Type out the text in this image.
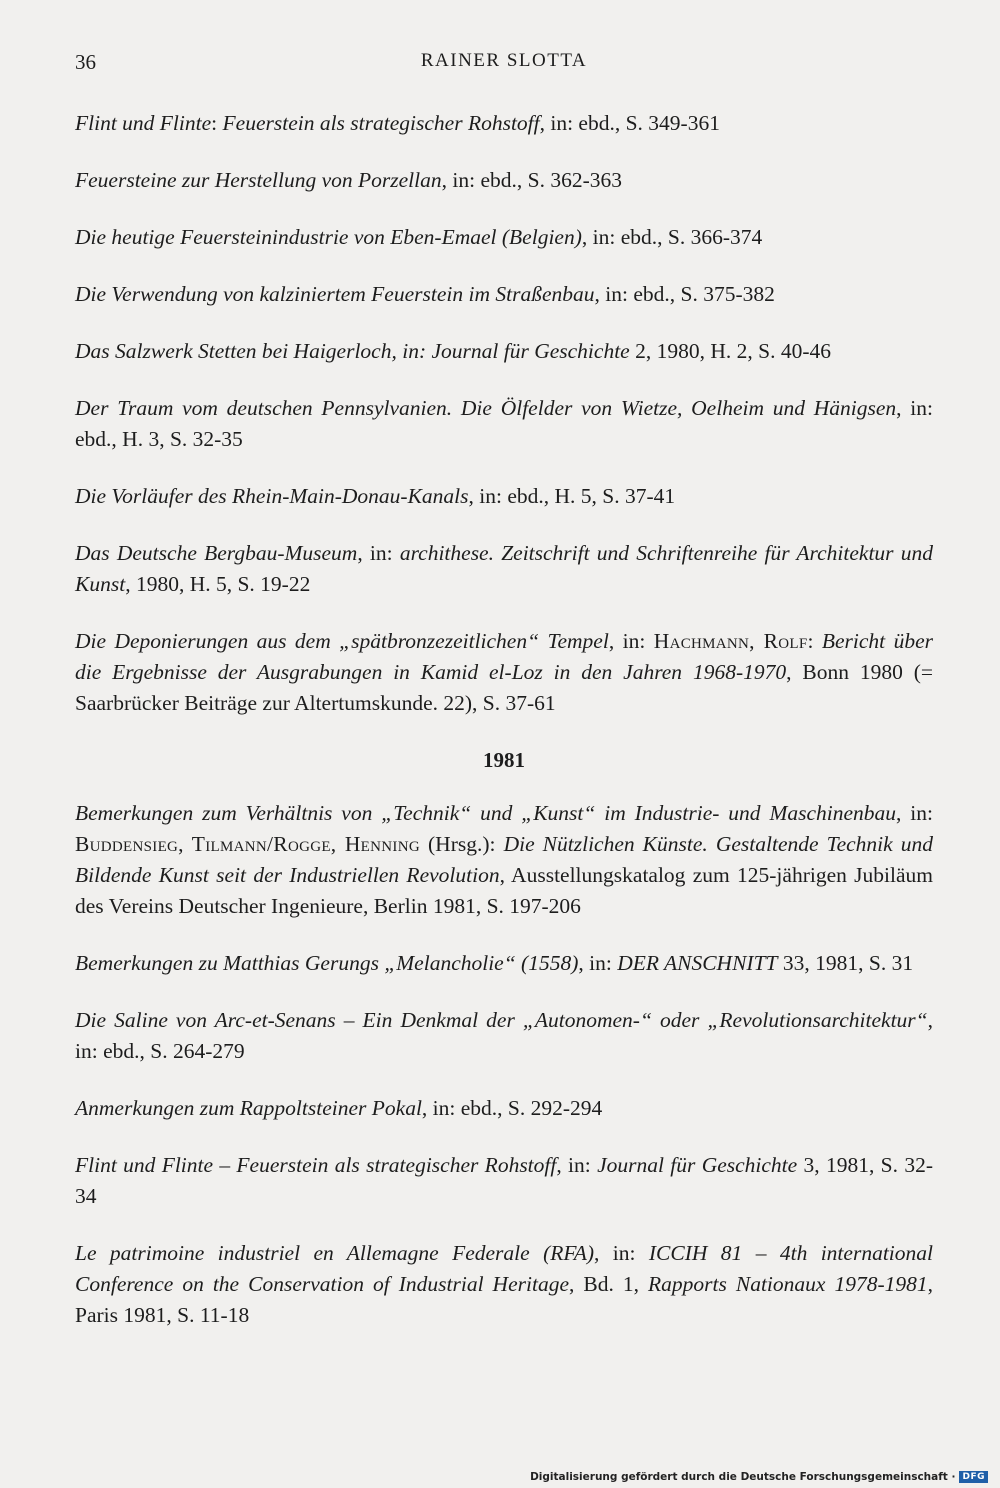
36	RAINER SLOTTA

Flint und Flinte: Feuerstein als strategischer Rohstoff, in: ebd., S. 349-361

Feuersteine zur Herstellung von Porzellan, in: ebd., S. 362-363

Die heutige Feuersteinindustrie von Eben-Emael (Belgien), in: ebd., S. 366-374

Die Verwendung von kalziniertem Feuerstein im Straßenbau, in: ebd., S. 375-382

Das Salzwerk Stetten bei Haigerloch, in: Journal für Geschichte 2, 1980, H. 2, S. 40-46

Der Traum vom deutschen Pennsylvanien. Die Ölfelder von Wietze, Oelheim und Hänigsen, in: ebd., H. 3, S. 32-35

Die Vorläufer des Rhein-Main-Donau-Kanals, in: ebd., H. 5, S. 37-41

Das Deutsche Bergbau-Museum, in: archithese. Zeitschrift und Schriftenreihe für Architektur und Kunst, 1980, H. 5, S. 19-22

Die Deponierungen aus dem „spätbronzezeitlichen“ Tempel, in: Hachmann, Rolf: Bericht über die Ergebnisse der Ausgrabungen in Kamid el-Loz in den Jahren 1968-1970, Bonn 1980 (= Saarbrücker Beiträge zur Altertumskunde. 22), S. 37-61

1981

Bemerkungen zum Verhältnis von „Technik“ und „Kunst“ im Industrie- und Maschinenbau, in: Buddensieg, Tilmann/Rogge, Henning (Hrsg.): Die Nützlichen Künste. Gestaltende Technik und Bildende Kunst seit der Industriellen Revolution, Ausstellungskatalog zum 125-jährigen Jubiläum des Vereins Deutscher Ingenieure, Berlin 1981, S. 197-206

Bemerkungen zu Matthias Gerungs „Melancholie“ (1558), in: DER ANSCHNITT 33, 1981, S. 31

Die Saline von Arc-et-Senans – Ein Denkmal der „Autonomen-“ oder „Revolutionsarchitektur“, in: ebd., S. 264-279

Anmerkungen zum Rappoltsteiner Pokal, in: ebd., S. 292-294

Flint und Flinte – Feuerstein als strategischer Rohstoff, in: Journal für Geschichte 3, 1981, S. 32-34

Le patrimoine industriel en Allemagne Federale (RFA), in: ICCIH 81 – 4th international Conference on the Conservation of Industrial Heritage, Bd. 1, Rapports Nationaux 1978-1981, Paris 1981, S. 11-18

Digitalisierung gefördert durch die Deutsche Forschungsgemeinschaft · DFG
